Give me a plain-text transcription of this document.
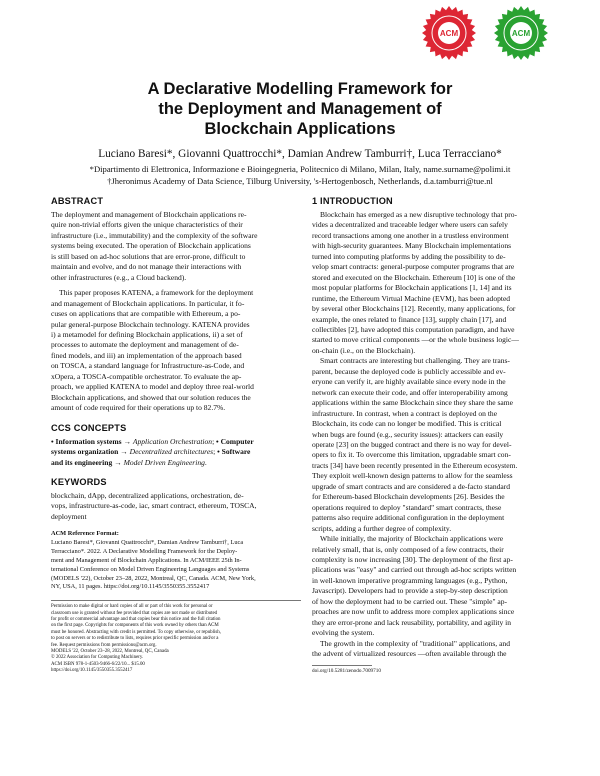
ACM	ACM
A Declarative Modelling Framework for
the Deployment and Management of
Blockchain Applications
Luciano Baresi*, Giovanni Quattrocchi*, Damian Andrew Tamburri†, Luca Terracciano*
*Dipartimento di Elettronica, Informazione e Bioingegneria, Politecnico di Milano, Milan, Italy, name.surname@polimi.it
†Jheronimus Academy of Data Science, Tilburg University, 's-Hertogenbosch, Netherlands, d.a.tamburri@tue.nl
ABSTRACT
The deployment and management of Blockchain applications re-
quire non-trivial efforts given the unique characteristics of their
infrastructure (i.e., immutability) and the complexity of the software
systems being executed. The operation of Blockchain applications
is still based on ad-hoc solutions that are error-prone, difficult to
maintain and evolve, and do not manage their interactions with
other infrastructures (e.g., a Cloud backend).
This paper proposes KATENA, a framework for the deployment
and management of Blockchain applications. In particular, it fo-
cuses on applications that are compatible with Ethereum, a po-
pular general-purpose Blockchain technology. KATENA provides
i) a metamodel for defining Blockchain applications, ii) a set of
processes to automate the deployment and management of de-
fined models, and iii) an implementation of the approach based
on TOSCA, a standard language for Infrastructure-as-Code, and
xOpera, a TOSCA-compatible orchestrator. To evaluate the ap-
proach, we applied KATENA to model and deploy three real-world
Blockchain applications, and showed that our solution reduces the
amount of code required for their operations up to 82.7%.
CCS CONCEPTS
• Information systems → Application Orchestration; • Computer
systems organization → Decentralized architectures; • Software
and its engineering → Model Driven Engineering.
KEYWORDS
blockchain, dApp, decentralized applications, orchestration, de-
vops, infrastructure-as-code, iac, smart contract, ethereum, TOSCA,
deployment
ACM Reference Format:
Luciano Baresi*, Giovanni Quattrocchi*, Damian Andrew Tamburri†, Luca
Terracciano*. 2022. A Declarative Modelling Framework for the Deploy-
ment and Management of Blockchain Applications. In ACM/IEEE 25th In-
ternational Conference on Model Driven Engineering Languages and Systems
(MODELS '22), October 23–28, 2022, Montreal, QC, Canada. ACM, New York,
NY, USA, 11 pages. https://doi.org/10.1145/3550355.3552417
Permission to make digital or hard copies of all or part of this work for personal or
classroom use is granted without fee provided that copies are not made or distributed
for profit or commercial advantage and that copies bear this notice and the full citation
on the first page. Copyrights for components of this work owned by others than ACM
must be honored. Abstracting with credit is permitted. To copy otherwise, or republish,
to post on servers or to redistribute to lists, requires prior specific permission and/or a
fee. Request permissions from permissions@acm.org.
MODELS '22, October 23–28, 2022, Montreal, QC, Canada
© 2022 Association for Computing Machinery.
ACM ISBN 978-1-4503-9466-6/22/10... $15.00
https://doi.org/10.1145/3550355.3552417
1 INTRODUCTION
Blockchain has emerged as a new disruptive technology that pro-
vides a decentralized and traceable ledger where users can safely
record transactions among one another in a trustless environment
with high-security guarantees. Many Blockchain implementations
turned into computing platforms by adding the possibility to de-
velop smart contracts: general-purpose computer programs that are
stored and executed on the Blockchain. Ethereum [10] is one of the
most popular platforms for Blockchain applications [1, 14] and its
runtime, the Ethereum Virtual Machine (EVM), has been adopted
by several other Blockchains [12]. Recently, many applications, for
example, the ones related to finance [13], supply chain [17], and
collectibles [2], have adopted this computation paradigm, and have
started to move critical components —or the whole business logic—
on-chain (i.e., on the Blockchain).
Smart contracts are interesting but challenging. They are trans-
parent, because the deployed code is publicly accessible and ev-
eryone can verify it, are highly available since every node in the
network can execute their code, and offer interoperability among
applications within the same Blockchain since they share the same
infrastructure. In contrast, when a contract is deployed on the
Blockchain, its code can no longer be modified. This is critical
when bugs are found (e.g., security issues): attackers can easily
operate [23] on the bugged contract and there is no way for devel-
opers to fix it. To overcome this limitation, upgradable smart con-
tracts [34] have been recently presented in the Ethereum ecosystem.
They exploit well-known design patterns to allow for the seamless
upgrade of smart contracts and are considered a de-facto standard
for Ethereum-based Blockchain developments [26]. Besides the
operations required to deploy "standard" smart contracts, these
patterns also require additional configuration in the deployment
scripts, adding a further degree of complexity.
While initially, the majority of Blockchain applications were
relatively small, that is, only composed of a few contracts, their
complexity is now increasing [30]. The deployment of the first ap-
plications was "easy" and carried out through ad-hoc scripts written
in well-known imperative programming languages (e.g., Python,
Javascript). Developers had to provide a step-by-step description
of how the deployment had to be carried out. These "simple" ap-
proaches are now unfit to address more complex applications since
they are error-prone and lack reusability, portability, and agility in
evolving the system.
The growth in the complexity of "traditional" applications, and
the advent of virtualized resources —often available through the
doi.org/10.5281/zenodo.7009710
